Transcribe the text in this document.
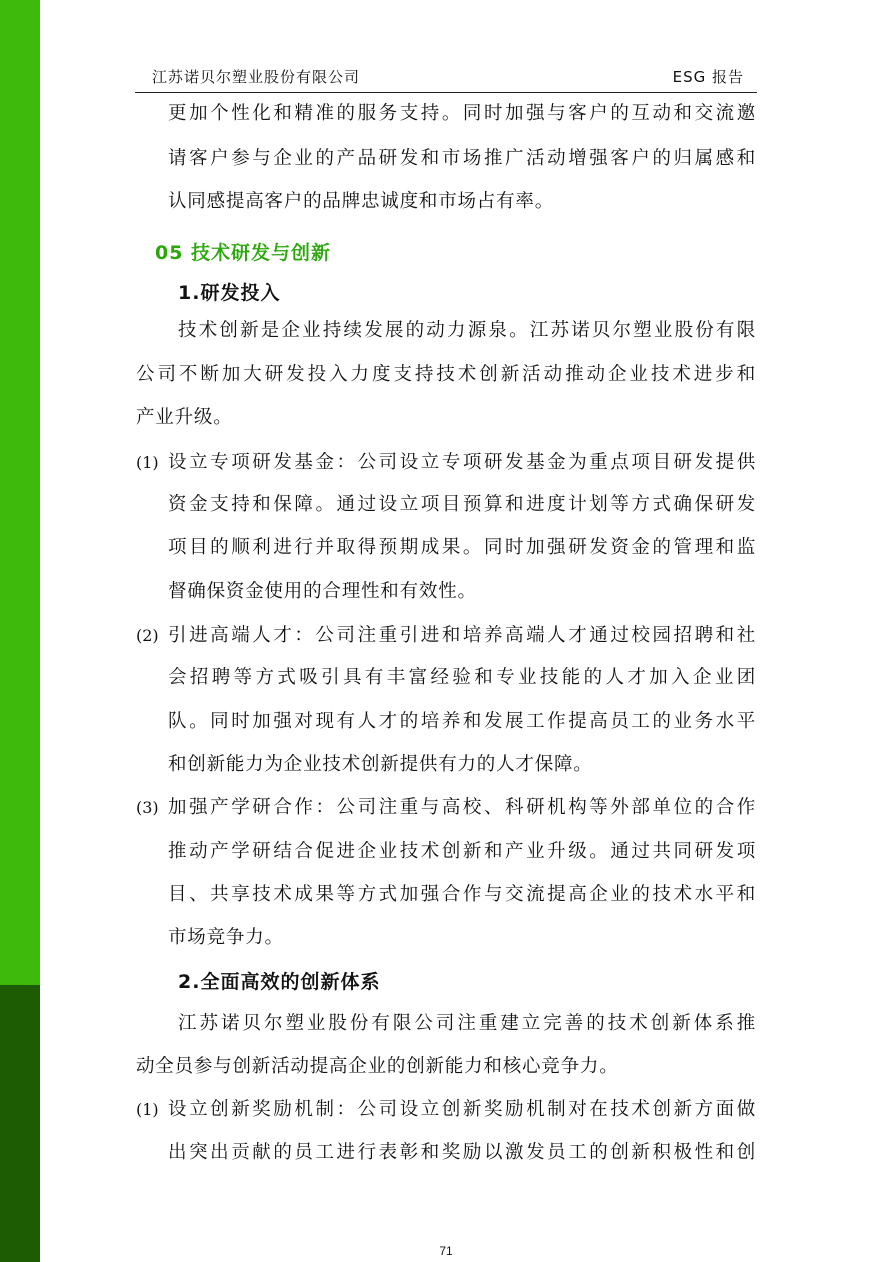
江苏诺贝尔塑业股份有限公司	ESG 报告
更加个性化和精准的服务支持。同时加强与客户的互动和交流邀
请客户参与企业的产品研发和市场推广活动增强客户的归属感和
认同感提高客户的品牌忠诚度和市场占有率。
05 技术研发与创新
1.研发投入
技术创新是企业持续发展的动力源泉。江苏诺贝尔塑业股份有限
公司不断加大研发投入力度支持技术创新活动推动企业技术进步和
产业升级。
(1) 设立专项研发基金：公司设立专项研发基金为重点项目研发提供
资金支持和保障。通过设立项目预算和进度计划等方式确保研发
项目的顺利进行并取得预期成果。同时加强研发资金的管理和监
督确保资金使用的合理性和有效性。
(2) 引进高端人才：公司注重引进和培养高端人才通过校园招聘和社
会招聘等方式吸引具有丰富经验和专业技能的人才加入企业团
队。同时加强对现有人才的培养和发展工作提高员工的业务水平
和创新能力为企业技术创新提供有力的人才保障。
(3) 加强产学研合作：公司注重与高校、科研机构等外部单位的合作
推动产学研结合促进企业技术创新和产业升级。通过共同研发项
目、共享技术成果等方式加强合作与交流提高企业的技术水平和
市场竞争力。
2.全面高效的创新体系
江苏诺贝尔塑业股份有限公司注重建立完善的技术创新体系推
动全员参与创新活动提高企业的创新能力和核心竞争力。
(1) 设立创新奖励机制：公司设立创新奖励机制对在技术创新方面做
出突出贡献的员工进行表彰和奖励以激发员工的创新积极性和创
71
